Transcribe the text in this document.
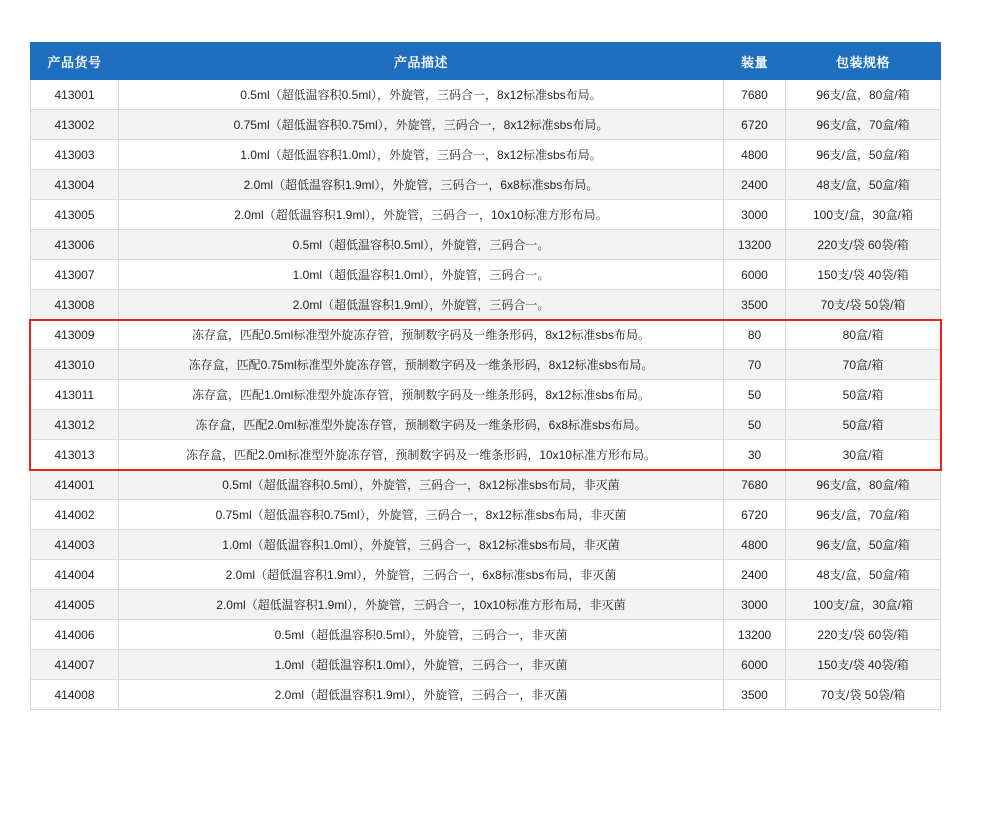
产品货号	产品描述	装量	包装规格
413001	0.5ml（超低温容积0.5ml），外旋管，三码合一，8x12标准sbs布局。	7680	96支/盒，80盒/箱
413002	0.75ml（超低温容积0.75ml），外旋管，三码合一，8x12标准sbs布局。	6720	96支/盒，70盒/箱
413003	1.0ml（超低温容积1.0ml），外旋管，三码合一，8x12标准sbs布局。	4800	96支/盒，50盒/箱
413004	2.0ml（超低温容积1.9ml），外旋管，三码合一，6x8标准sbs布局。	2400	48支/盒，50盒/箱
413005	2.0ml（超低温容积1.9ml），外旋管，三码合一，10x10标准方形布局。	3000	100支/盒，30盒/箱
413006	0.5ml（超低温容积0.5ml），外旋管，三码合一。	13200	220支/袋 60袋/箱
413007	1.0ml（超低温容积1.0ml），外旋管，三码合一。	6000	150支/袋 40袋/箱
413008	2.0ml（超低温容积1.9ml），外旋管，三码合一。	3500	70支/袋 50袋/箱
413009	冻存盒，匹配0.5ml标准型外旋冻存管，预制数字码及一维条形码，8x12标准sbs布局。	80	80盒/箱
413010	冻存盒，匹配0.75ml标准型外旋冻存管，预制数字码及一维条形码，8x12标准sbs布局。	70	70盒/箱
413011	冻存盒，匹配1.0ml标准型外旋冻存管，预制数字码及一维条形码，8x12标准sbs布局。	50	50盒/箱
413012	冻存盒，匹配2.0ml标准型外旋冻存管，预制数字码及一维条形码，6x8标准sbs布局。	50	50盒/箱
413013	冻存盒，匹配2.0ml标准型外旋冻存管，预制数字码及一维条形码，10x10标准方形布局。	30	30盒/箱
414001	0.5ml（超低温容积0.5ml），外旋管，三码合一，8x12标准sbs布局，非灭菌	7680	96支/盒，80盒/箱
414002	0.75ml（超低温容积0.75ml），外旋管，三码合一，8x12标准sbs布局，非灭菌	6720	96支/盒，70盒/箱
414003	1.0ml（超低温容积1.0ml），外旋管，三码合一，8x12标准sbs布局，非灭菌	4800	96支/盒，50盒/箱
414004	2.0ml（超低温容积1.9ml），外旋管，三码合一，6x8标准sbs布局，非灭菌	2400	48支/盒，50盒/箱
414005	2.0ml（超低温容积1.9ml），外旋管，三码合一，10x10标准方形布局，非灭菌	3000	100支/盒，30盒/箱
414006	0.5ml（超低温容积0.5ml），外旋管，三码合一，非灭菌	13200	220支/袋 60袋/箱
414007	1.0ml（超低温容积1.0ml），外旋管，三码合一，非灭菌	6000	150支/袋 40袋/箱
414008	2.0ml（超低温容积1.9ml），外旋管，三码合一，非灭菌	3500	70支/袋 50袋/箱
